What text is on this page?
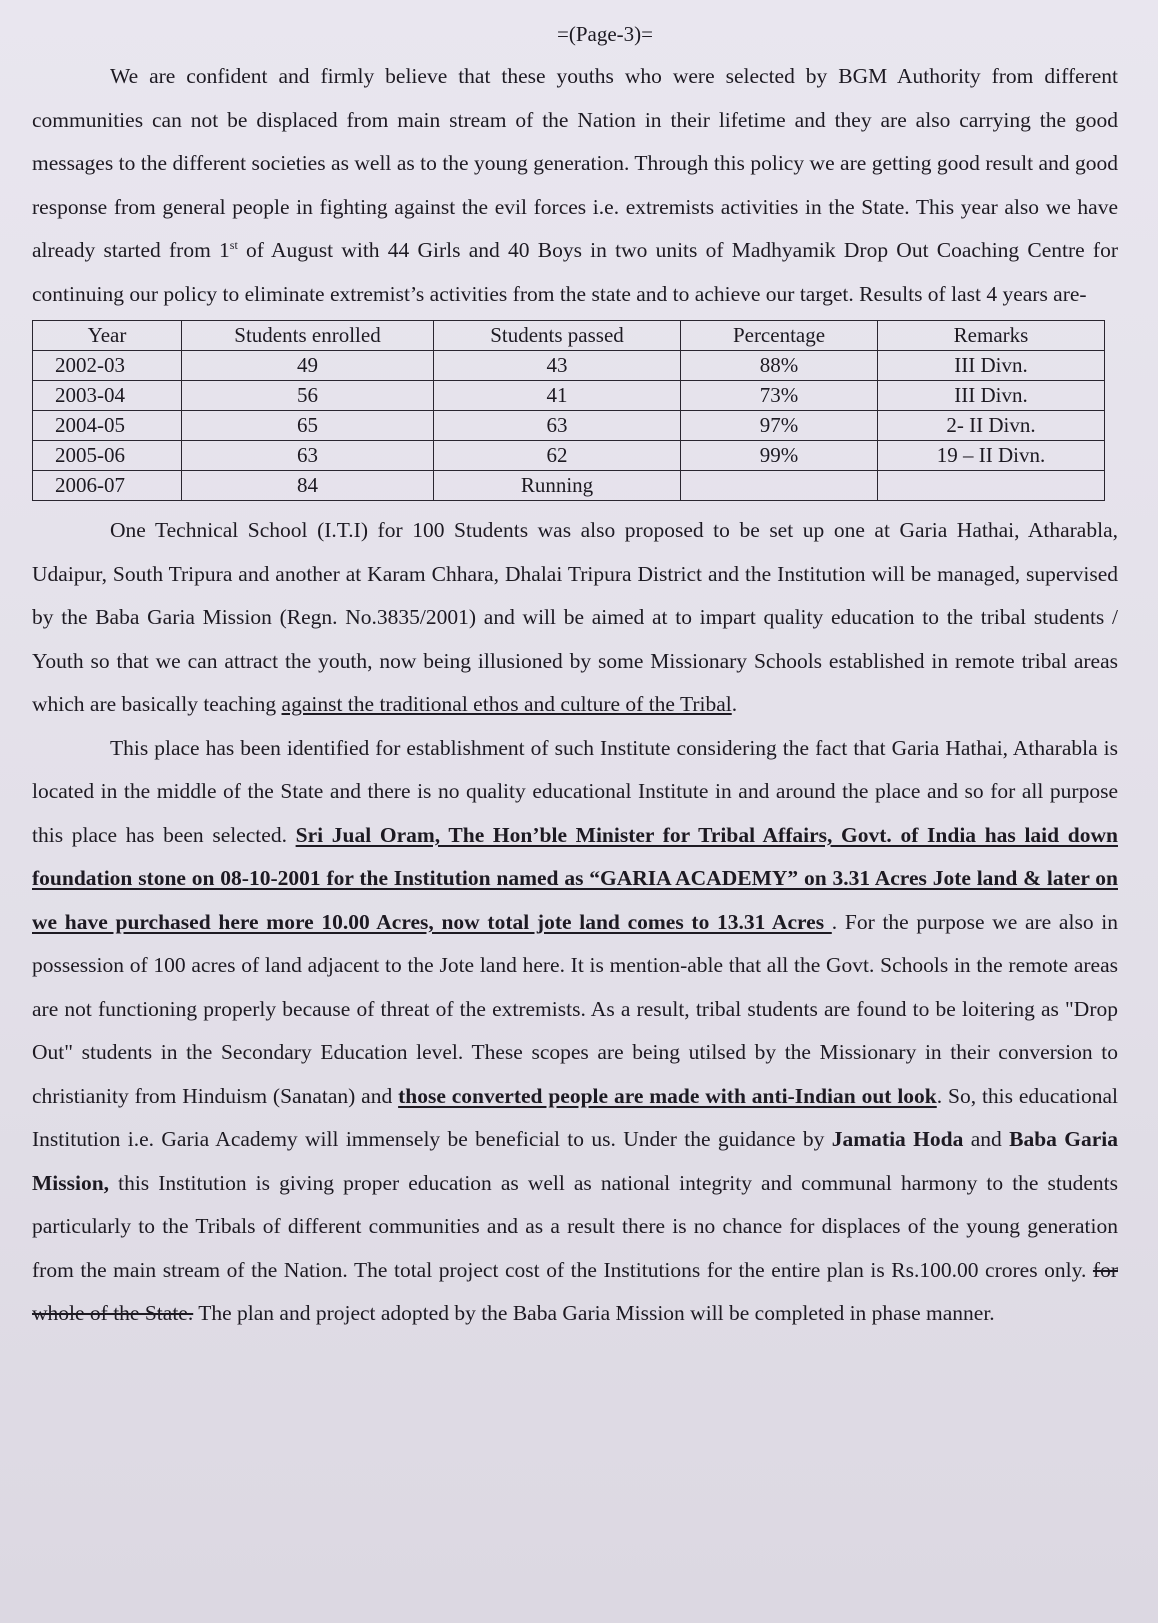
=(Page-3)=

We are confident and firmly believe that these youths who were selected by BGM Authority from different communities can not be displaced from main stream of the Nation in their lifetime and they are also carrying the good messages to the different societies as well as to the young generation. Through this policy we are getting good result and good response from general people in fighting against the evil forces i.e. extremists activities in the State. This year also we have already started from 1st of August with 44 Girls and 40 Boys in two units of Madhyamik Drop Out Coaching Centre for continuing our policy to eliminate extremist’s activities from the state and to achieve our target. Results of last 4 years are-

Year	Students enrolled	Students passed	Percentage	Remarks
2002-03	49	43	88%	III Divn.
2003-04	56	41	73%	III Divn.
2004-05	65	63	97%	2- II Divn.
2005-06	63	62	99%	19 – II Divn.
2006-07	84	Running		

One Technical School (I.T.I) for 100 Students was also proposed to be set up one at Garia Hathai, Atharabla, Udaipur, South Tripura and another at Karam Chhara, Dhalai Tripura District and the Institution will be managed, supervised by the Baba Garia Mission (Regn. No.3835/2001) and will be aimed at to impart quality education to the tribal students / Youth so that we can attract the youth, now being illusioned by some Missionary Schools established in remote tribal areas which are basically teaching against the traditional ethos and culture of the Tribal.

This place has been identified for establishment of such Institute considering the fact that Garia Hathai, Atharabla is located in the middle of the State and there is no quality educational Institute in and around the place and so for all purpose this place has been selected. Sri Jual Oram, The Hon’ble Minister for Tribal Affairs, Govt. of India has laid down foundation stone on 08-10-2001 for the Institution named as “GARIA ACADEMY” on 3.31 Acres Jote land & later on we have purchased here more 10.00 Acres, now total jote land comes to 13.31 Acres . For the purpose we are also in possession of 100 acres of land adjacent to the Jote land here. It is mention-able that all the Govt. Schools in the remote areas are not functioning properly because of threat of the extremists. As a result, tribal students are found to be loitering as "Drop Out" students in the Secondary Education level. These scopes are being utilsed by the Missionary in their conversion to christianity from Hinduism (Sanatan) and those converted people are made with anti-Indian out look. So, this educational Institution i.e. Garia Academy will immensely be beneficial to us. Under the guidance by Jamatia Hoda and Baba Garia Mission, this Institution is giving proper education as well as national integrity and communal harmony to the students particularly to the Tribals of different communities and as a result there is no chance for displaces of the young generation from the main stream of the Nation. The total project cost of the Institutions for the entire plan is Rs.100.00 crores only. for whole of the State. The plan and project adopted by the Baba Garia Mission will be completed in phase manner.
